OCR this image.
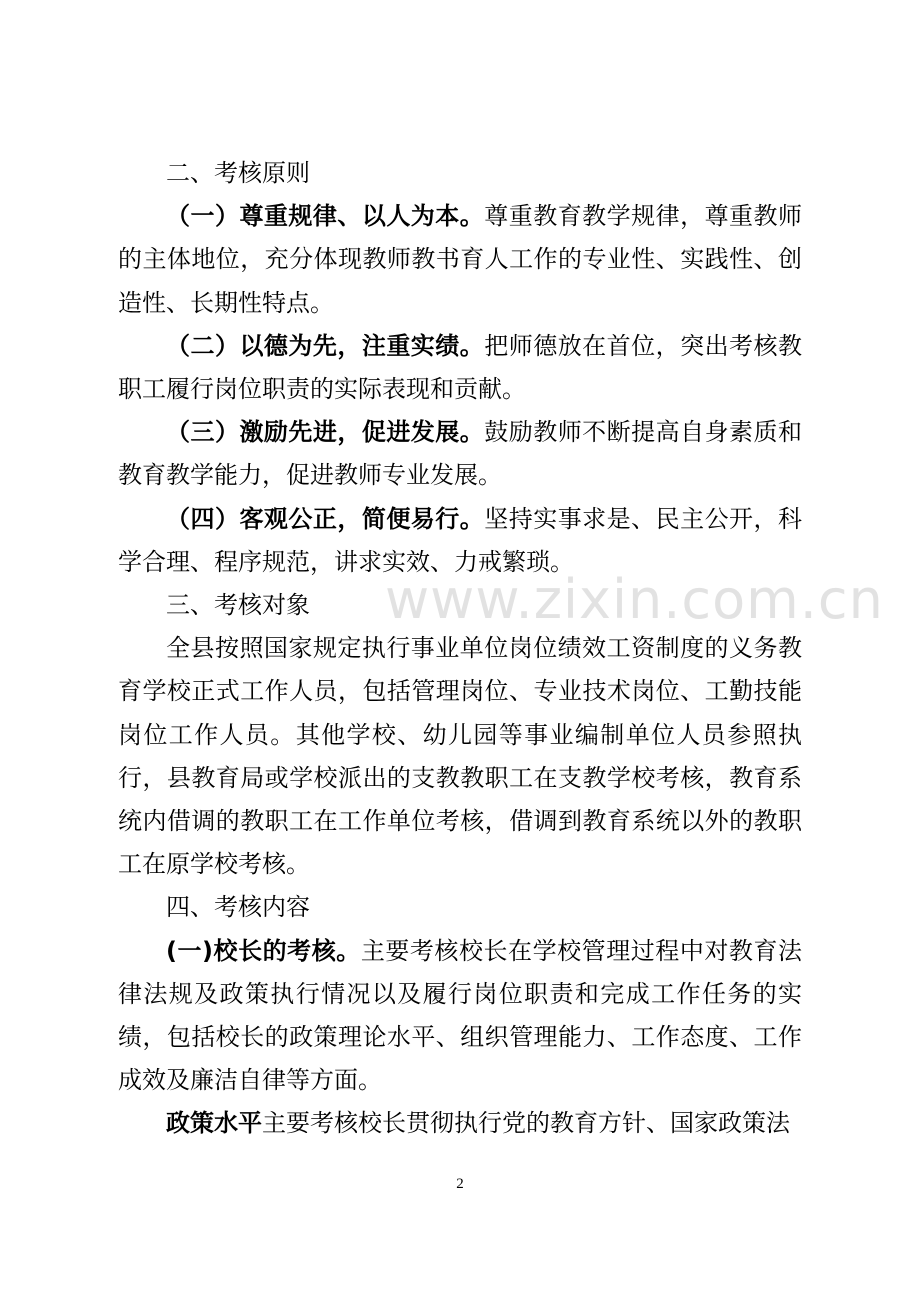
www.zixin.com.cn

二、考核原则

（一）尊重规律、以人为本。尊重教育教学规律，尊重教师的主体地位，充分体现教师教书育人工作的专业性、实践性、创造性、长期性特点。

（二）以德为先，注重实绩。把师德放在首位，突出考核教职工履行岗位职责的实际表现和贡献。

（三）激励先进，促进发展。鼓励教师不断提高自身素质和教育教学能力，促进教师专业发展。

（四）客观公正，简便易行。坚持实事求是、民主公开，科学合理、程序规范，讲求实效、力戒繁琐。

三、考核对象

全县按照国家规定执行事业单位岗位绩效工资制度的义务教育学校正式工作人员，包括管理岗位、专业技术岗位、工勤技能岗位工作人员。其他学校、幼儿园等事业编制单位人员参照执行，县教育局或学校派出的支教教职工在支教学校考核，教育系统内借调的教职工在工作单位考核，借调到教育系统以外的教职工在原学校考核。

四、考核内容

(一)校长的考核。主要考核校长在学校管理过程中对教育法律法规及政策执行情况以及履行岗位职责和完成工作任务的实绩，包括校长的政策理论水平、组织管理能力、工作态度、工作成效及廉洁自律等方面。

政策水平主要考核校长贯彻执行党的教育方针、国家政策法

2
